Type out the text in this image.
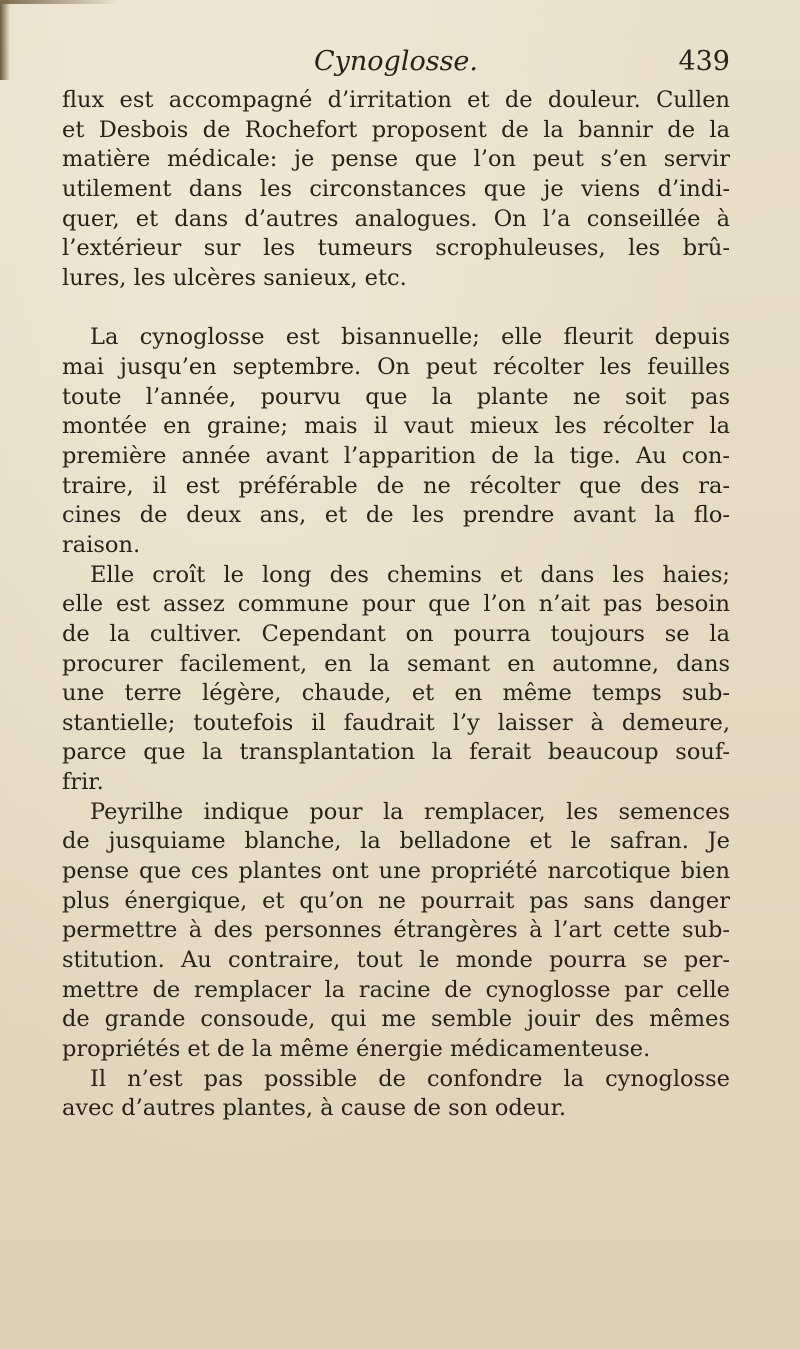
Cynoglosse.	439
flux est accompagné d’irritation et de douleur. Cullen
et Desbois de Rochefort proposent de la bannir de la
matière médicale: je pense que l’on peut s’en servir
utilement dans les circonstances que je viens d’indi-
quer, et dans d’autres analogues. On l’a conseillée à
l’extérieur sur les tumeurs scrophuleuses, les brû-
lures, les ulcères sanieux, etc.
La cynoglosse est bisannuelle; elle fleurit depuis
mai jusqu’en septembre. On peut récolter les feuilles
toute l’année, pourvu que la plante ne soit pas
montée en graine; mais il vaut mieux les récolter la
première année avant l’apparition de la tige. Au con-
traire, il est préférable de ne récolter que des ra-
cines de deux ans, et de les prendre avant la flo-
raison.
Elle croît le long des chemins et dans les haies;
elle est assez commune pour que l’on n’ait pas besoin
de la cultiver. Cependant on pourra toujours se la
procurer facilement, en la semant en automne, dans
une terre légère, chaude, et en même temps sub-
stantielle; toutefois il faudrait l’y laisser à demeure,
parce que la transplantation la ferait beaucoup souf-
frir.
Peyrilhe indique pour la remplacer, les semences
de jusquiame blanche, la belladone et le safran. Je
pense que ces plantes ont une propriété narcotique bien
plus énergique, et qu’on ne pourrait pas sans danger
permettre à des personnes étrangères à l’art cette sub-
stitution. Au contraire, tout le monde pourra se per-
mettre de remplacer la racine de cynoglosse par celle
de grande consoude, qui me semble jouir des mêmes
propriétés et de la même énergie médicamenteuse.
Il n’est pas possible de confondre la cynoglosse
avec d’autres plantes, à cause de son odeur.
